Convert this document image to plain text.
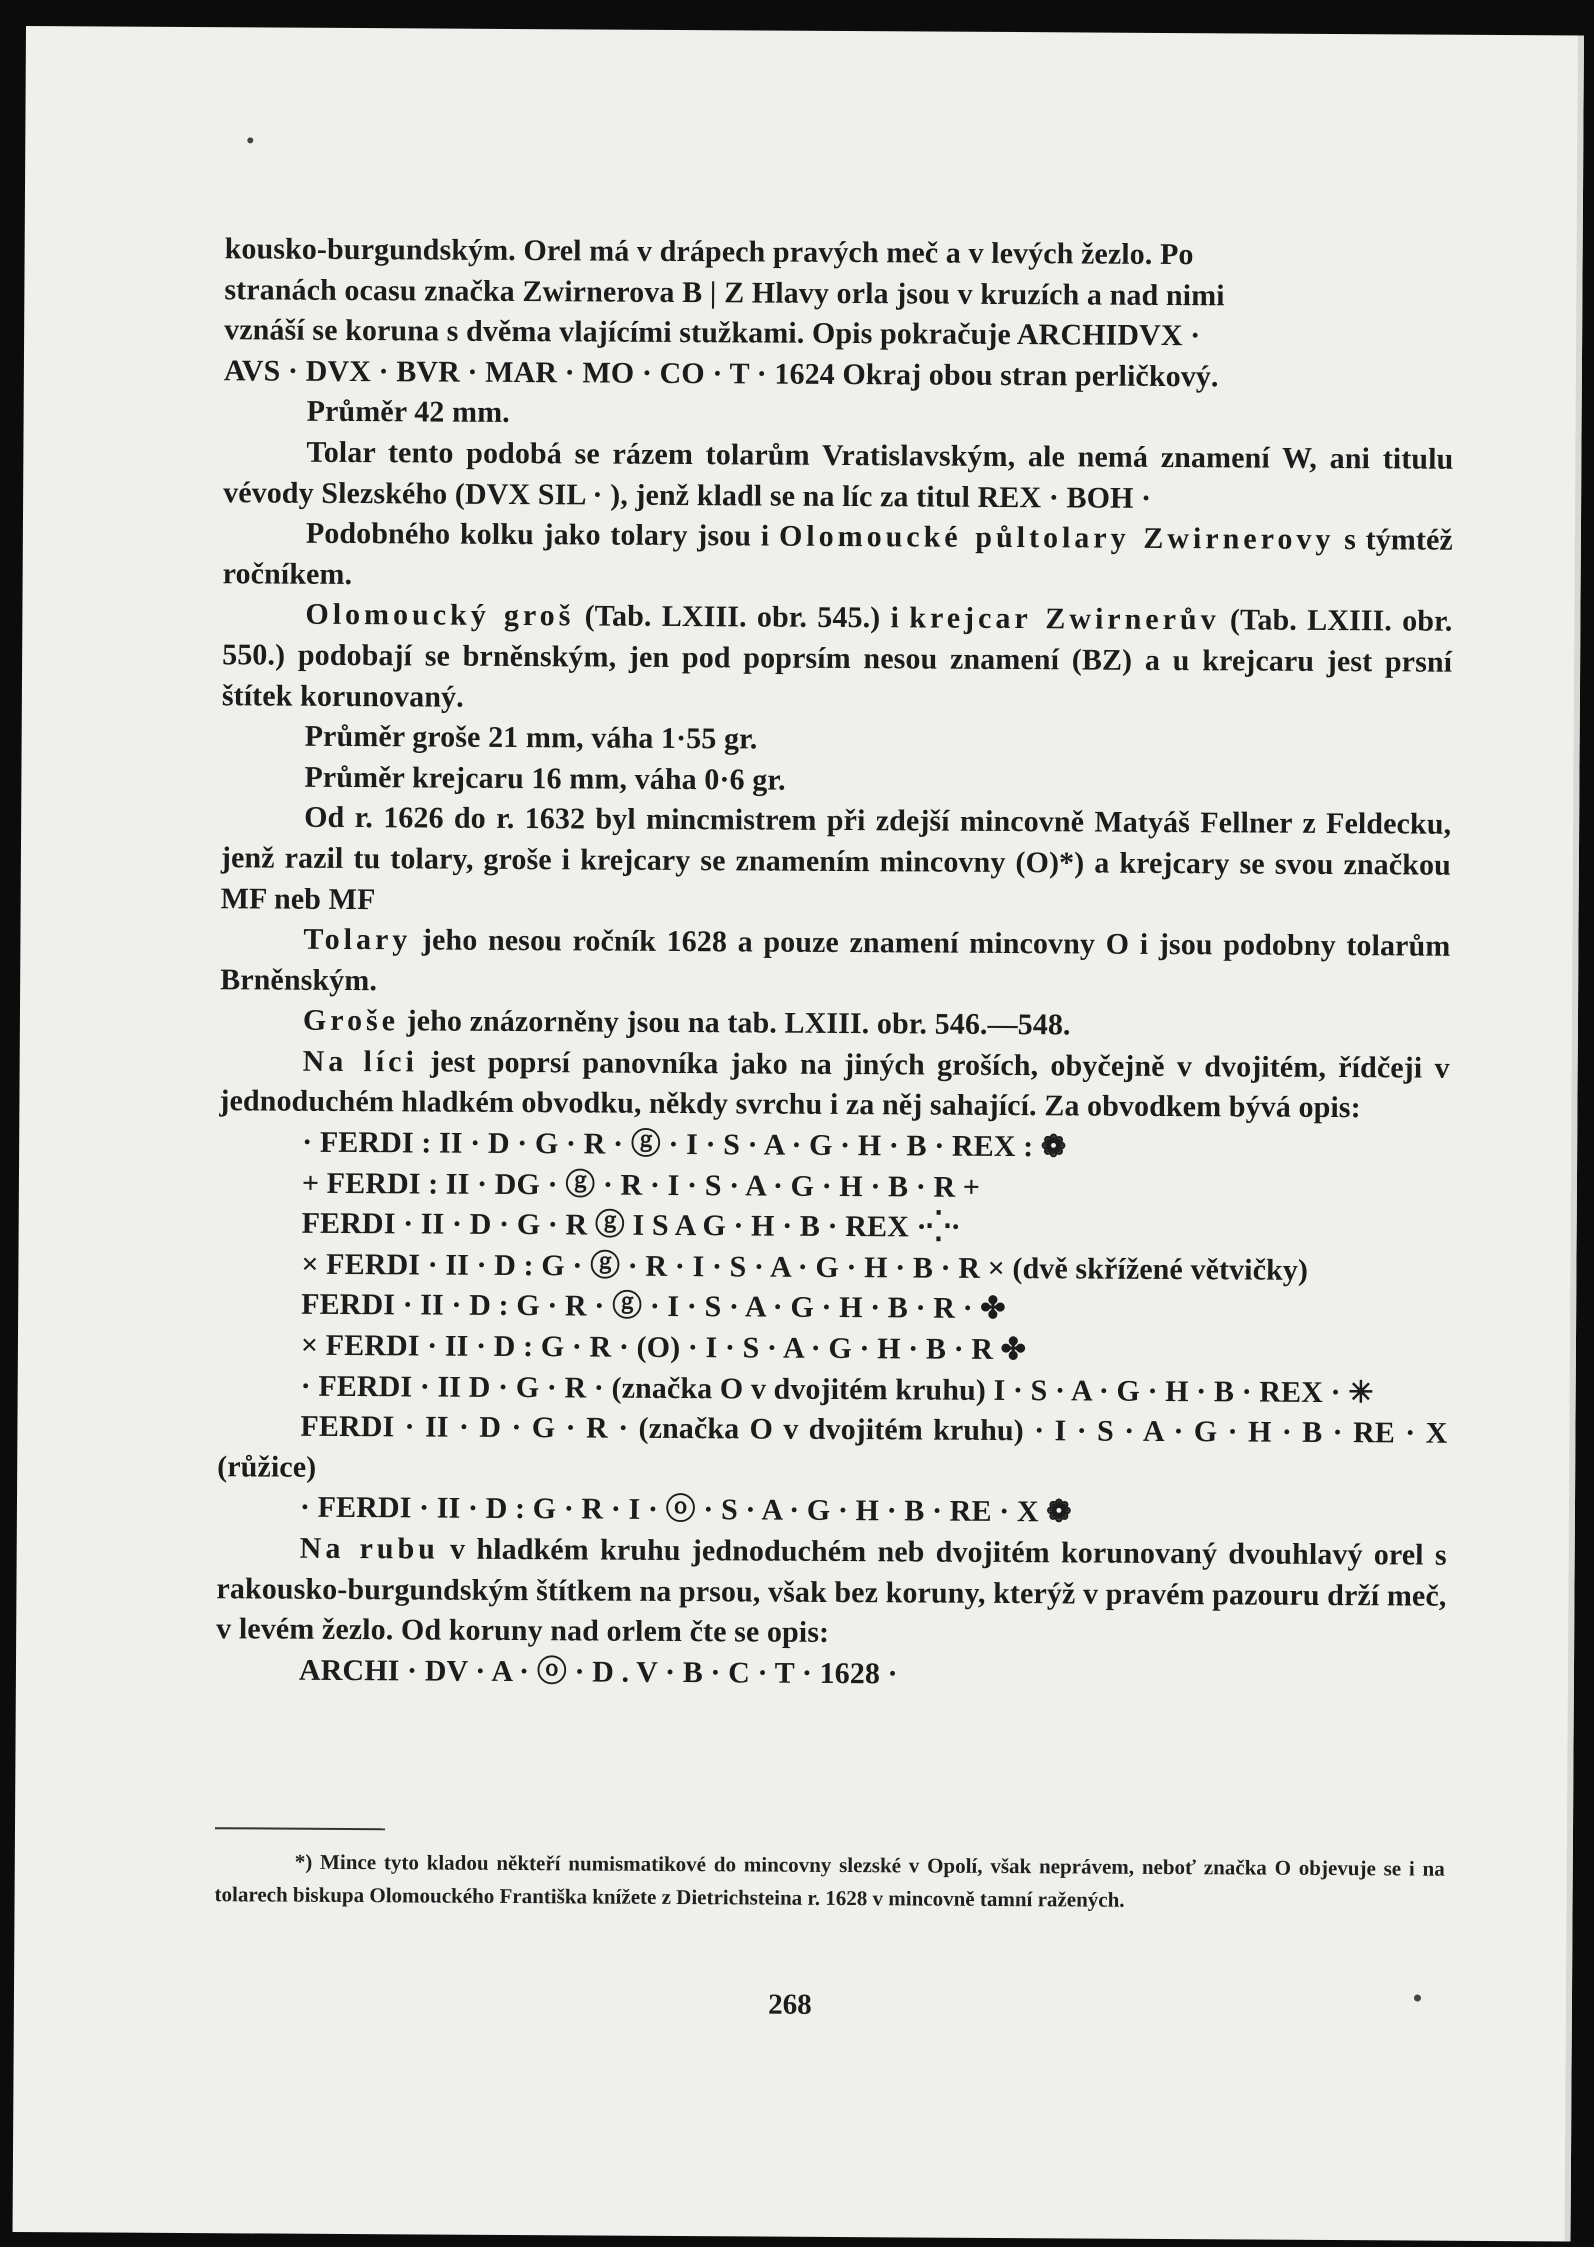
kousko-burgundským. Orel má v drápech pravých meč a v levých žezlo. Po

stranách ocasu značka Zwirnerova B | Z Hlavy orla jsou v kruzích a nad nimi

vznáší se koruna s dvěma vlajícími stužkami. Opis pokračuje ARCHIDVX ·

AVS · DVX · BVR · MAR · MO · CO · T · 1624 Okraj obou stran perličkový.

Průměr 42 mm.

Tolar tento podobá se rázem tolarům Vratislavským, ale nemá znamení W, ani titulu vévody Slezského (DVX SIL · ), jenž kladl se na líc za titul REX · BOH ·

Podobného kolku jako tolary jsou i Olomoucké půltolary Zwirnerovy s týmtéž ročníkem.

Olomoucký groš (Tab. LXIII. obr. 545.) i krejcar Zwirnerův (Tab. LXIII. obr. 550.) podobají se brněnským, jen pod poprsím nesou znamení (BZ) a u krejcaru jest prsní štítek korunovaný.

Průměr groše 21 mm, váha 1·55 gr.

Průměr krejcaru 16 mm, váha 0·6 gr.

Od r. 1626 do r. 1632 byl mincmistrem při zdejší mincovně Matyáš Fellner z Feldecku, jenž razil tu tolary, groše i krejcary se znamením mincovny (O)*) a krejcary se svou značkou MF neb MF

Tolary jeho nesou ročník 1628 a pouze znamení mincovny O i jsou podobny tolarům Brněnským.

Groše jeho znázorněny jsou na tab. LXIII. obr. 546.—548.

Na líci jest poprsí panovníka jako na jiných groších, obyčejně v dvojitém, řídčeji v jednoduchém hladkém obvodku, někdy svrchu i za něj sahající. Za obvodkem bývá opis:

· FERDI : II · D · G · R · ⓖ · I · S · A · G · H · B · REX : ❁

+ FERDI : II · DG · ⓖ · R · I · S · A · G · H · B · R +

FERDI · II · D · G · R ⓖ I S A G · H · B · REX ·⁛·

× FERDI · II · D : G · ⓖ · R · I · S · A · G · H · B · R × (dvě skřížené větvičky)

FERDI · II · D : G · R · ⓖ · I · S · A · G · H · B · R · ✤

× FERDI · II · D : G · R · (O) · I · S · A · G · H · B · R ✤

· FERDI · II D · G · R · (značka O v dvojitém kruhu) I · S · A · G · H · B · REX · ✳

FERDI · II · D · G · R · (značka O v dvojitém kruhu) · I · S · A · G · H · B · RE · X (růžice)

· FERDI · II · D : G · R · I · ⓞ · S · A · G · H · B · RE · X ❁

Na rubu v hladkém kruhu jednoduchém neb dvojitém korunovaný dvouhlavý orel s rakousko-burgundským štítkem na prsou, však bez koruny, kterýž v pravém pazouru drží meč, v levém žezlo. Od koruny nad orlem čte se opis:

ARCHI · DV · A · ⓞ · D . V · B · C · T · 1628 ·

*) Mince tyto kladou někteří numismatikové do mincovny slezské v Opolí, však neprávem, neboť značka O objevuje se i na tolarech biskupa Olomouckého Františka knížete z Dietrichsteina r. 1628 v mincovně tamní ražených.

268
